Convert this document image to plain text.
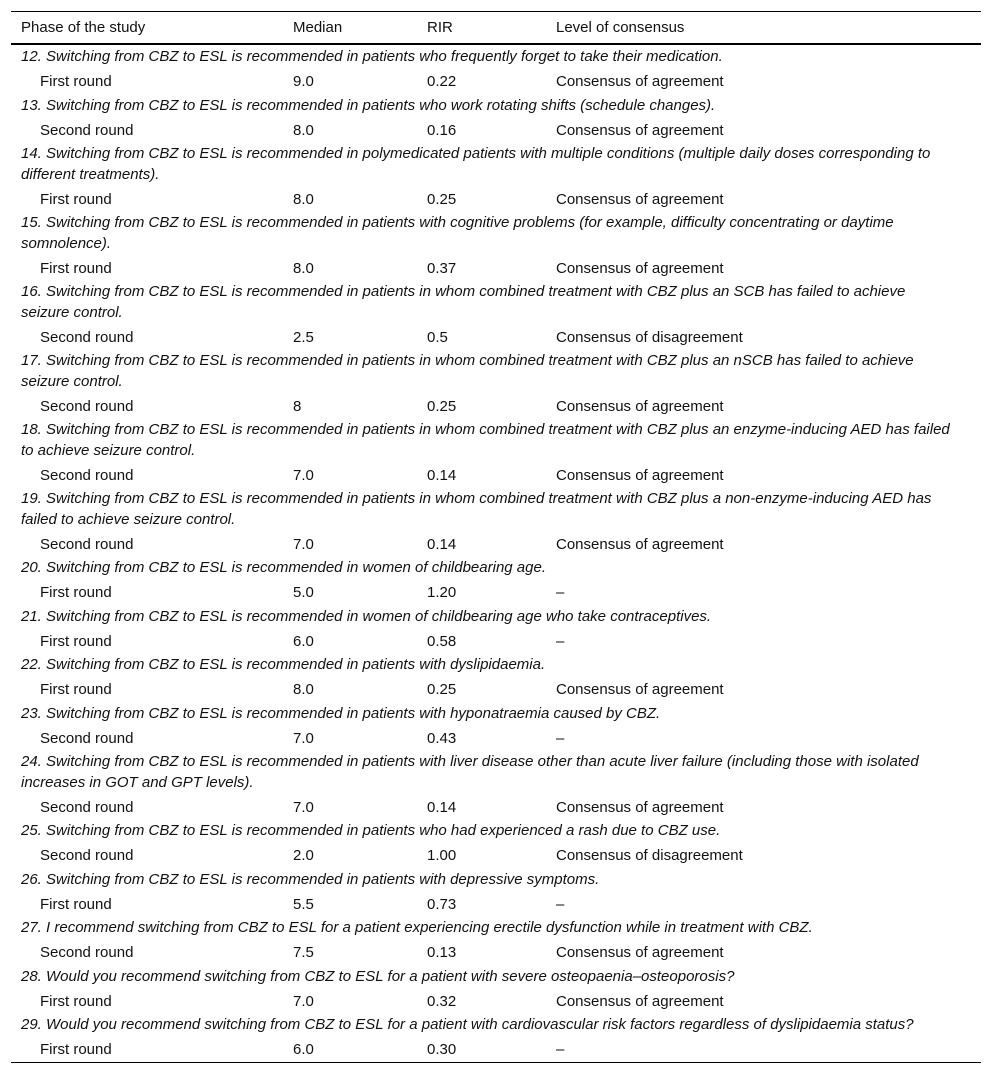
Phase of the study	Median	RIR	Level of consensus
12. Switching from CBZ to ESL is recommended in patients who frequently forget to take their medication.
First round	9.0	0.22	Consensus of agreement
13. Switching from CBZ to ESL is recommended in patients who work rotating shifts (schedule changes).
Second round	8.0	0.16	Consensus of agreement
14. Switching from CBZ to ESL is recommended in polymedicated patients with multiple conditions (multiple daily doses corresponding to different treatments).
First round	8.0	0.25	Consensus of agreement
15. Switching from CBZ to ESL is recommended in patients with cognitive problems (for example, difficulty concentrating or daytime somnolence).
First round	8.0	0.37	Consensus of agreement
16. Switching from CBZ to ESL is recommended in patients in whom combined treatment with CBZ plus an SCB has failed to achieve seizure control.
Second round	2.5	0.5	Consensus of disagreement
17. Switching from CBZ to ESL is recommended in patients in whom combined treatment with CBZ plus an nSCB has failed to achieve seizure control.
Second round	8	0.25	Consensus of agreement
18. Switching from CBZ to ESL is recommended in patients in whom combined treatment with CBZ plus an enzyme-inducing AED has failed to achieve seizure control.
Second round	7.0	0.14	Consensus of agreement
19. Switching from CBZ to ESL is recommended in patients in whom combined treatment with CBZ plus a non-enzyme-inducing AED has failed to achieve seizure control.
Second round	7.0	0.14	Consensus of agreement
20. Switching from CBZ to ESL is recommended in women of childbearing age.
First round	5.0	1.20	–
21. Switching from CBZ to ESL is recommended in women of childbearing age who take contraceptives.
First round	6.0	0.58	–
22. Switching from CBZ to ESL is recommended in patients with dyslipidaemia.
First round	8.0	0.25	Consensus of agreement
23. Switching from CBZ to ESL is recommended in patients with hyponatraemia caused by CBZ.
Second round	7.0	0.43	–
24. Switching from CBZ to ESL is recommended in patients with liver disease other than acute liver failure (including those with isolated increases in GOT and GPT levels).
Second round	7.0	0.14	Consensus of agreement
25. Switching from CBZ to ESL is recommended in patients who had experienced a rash due to CBZ use.
Second round	2.0	1.00	Consensus of disagreement
26. Switching from CBZ to ESL is recommended in patients with depressive symptoms.
First round	5.5	0.73	–
27. I recommend switching from CBZ to ESL for a patient experiencing erectile dysfunction while in treatment with CBZ.
Second round	7.5	0.13	Consensus of agreement
28. Would you recommend switching from CBZ to ESL for a patient with severe osteopaenia–osteoporosis?
First round	7.0	0.32	Consensus of agreement
29. Would you recommend switching from CBZ to ESL for a patient with cardiovascular risk factors regardless of dyslipidaemia status?
First round	6.0	0.30	–
